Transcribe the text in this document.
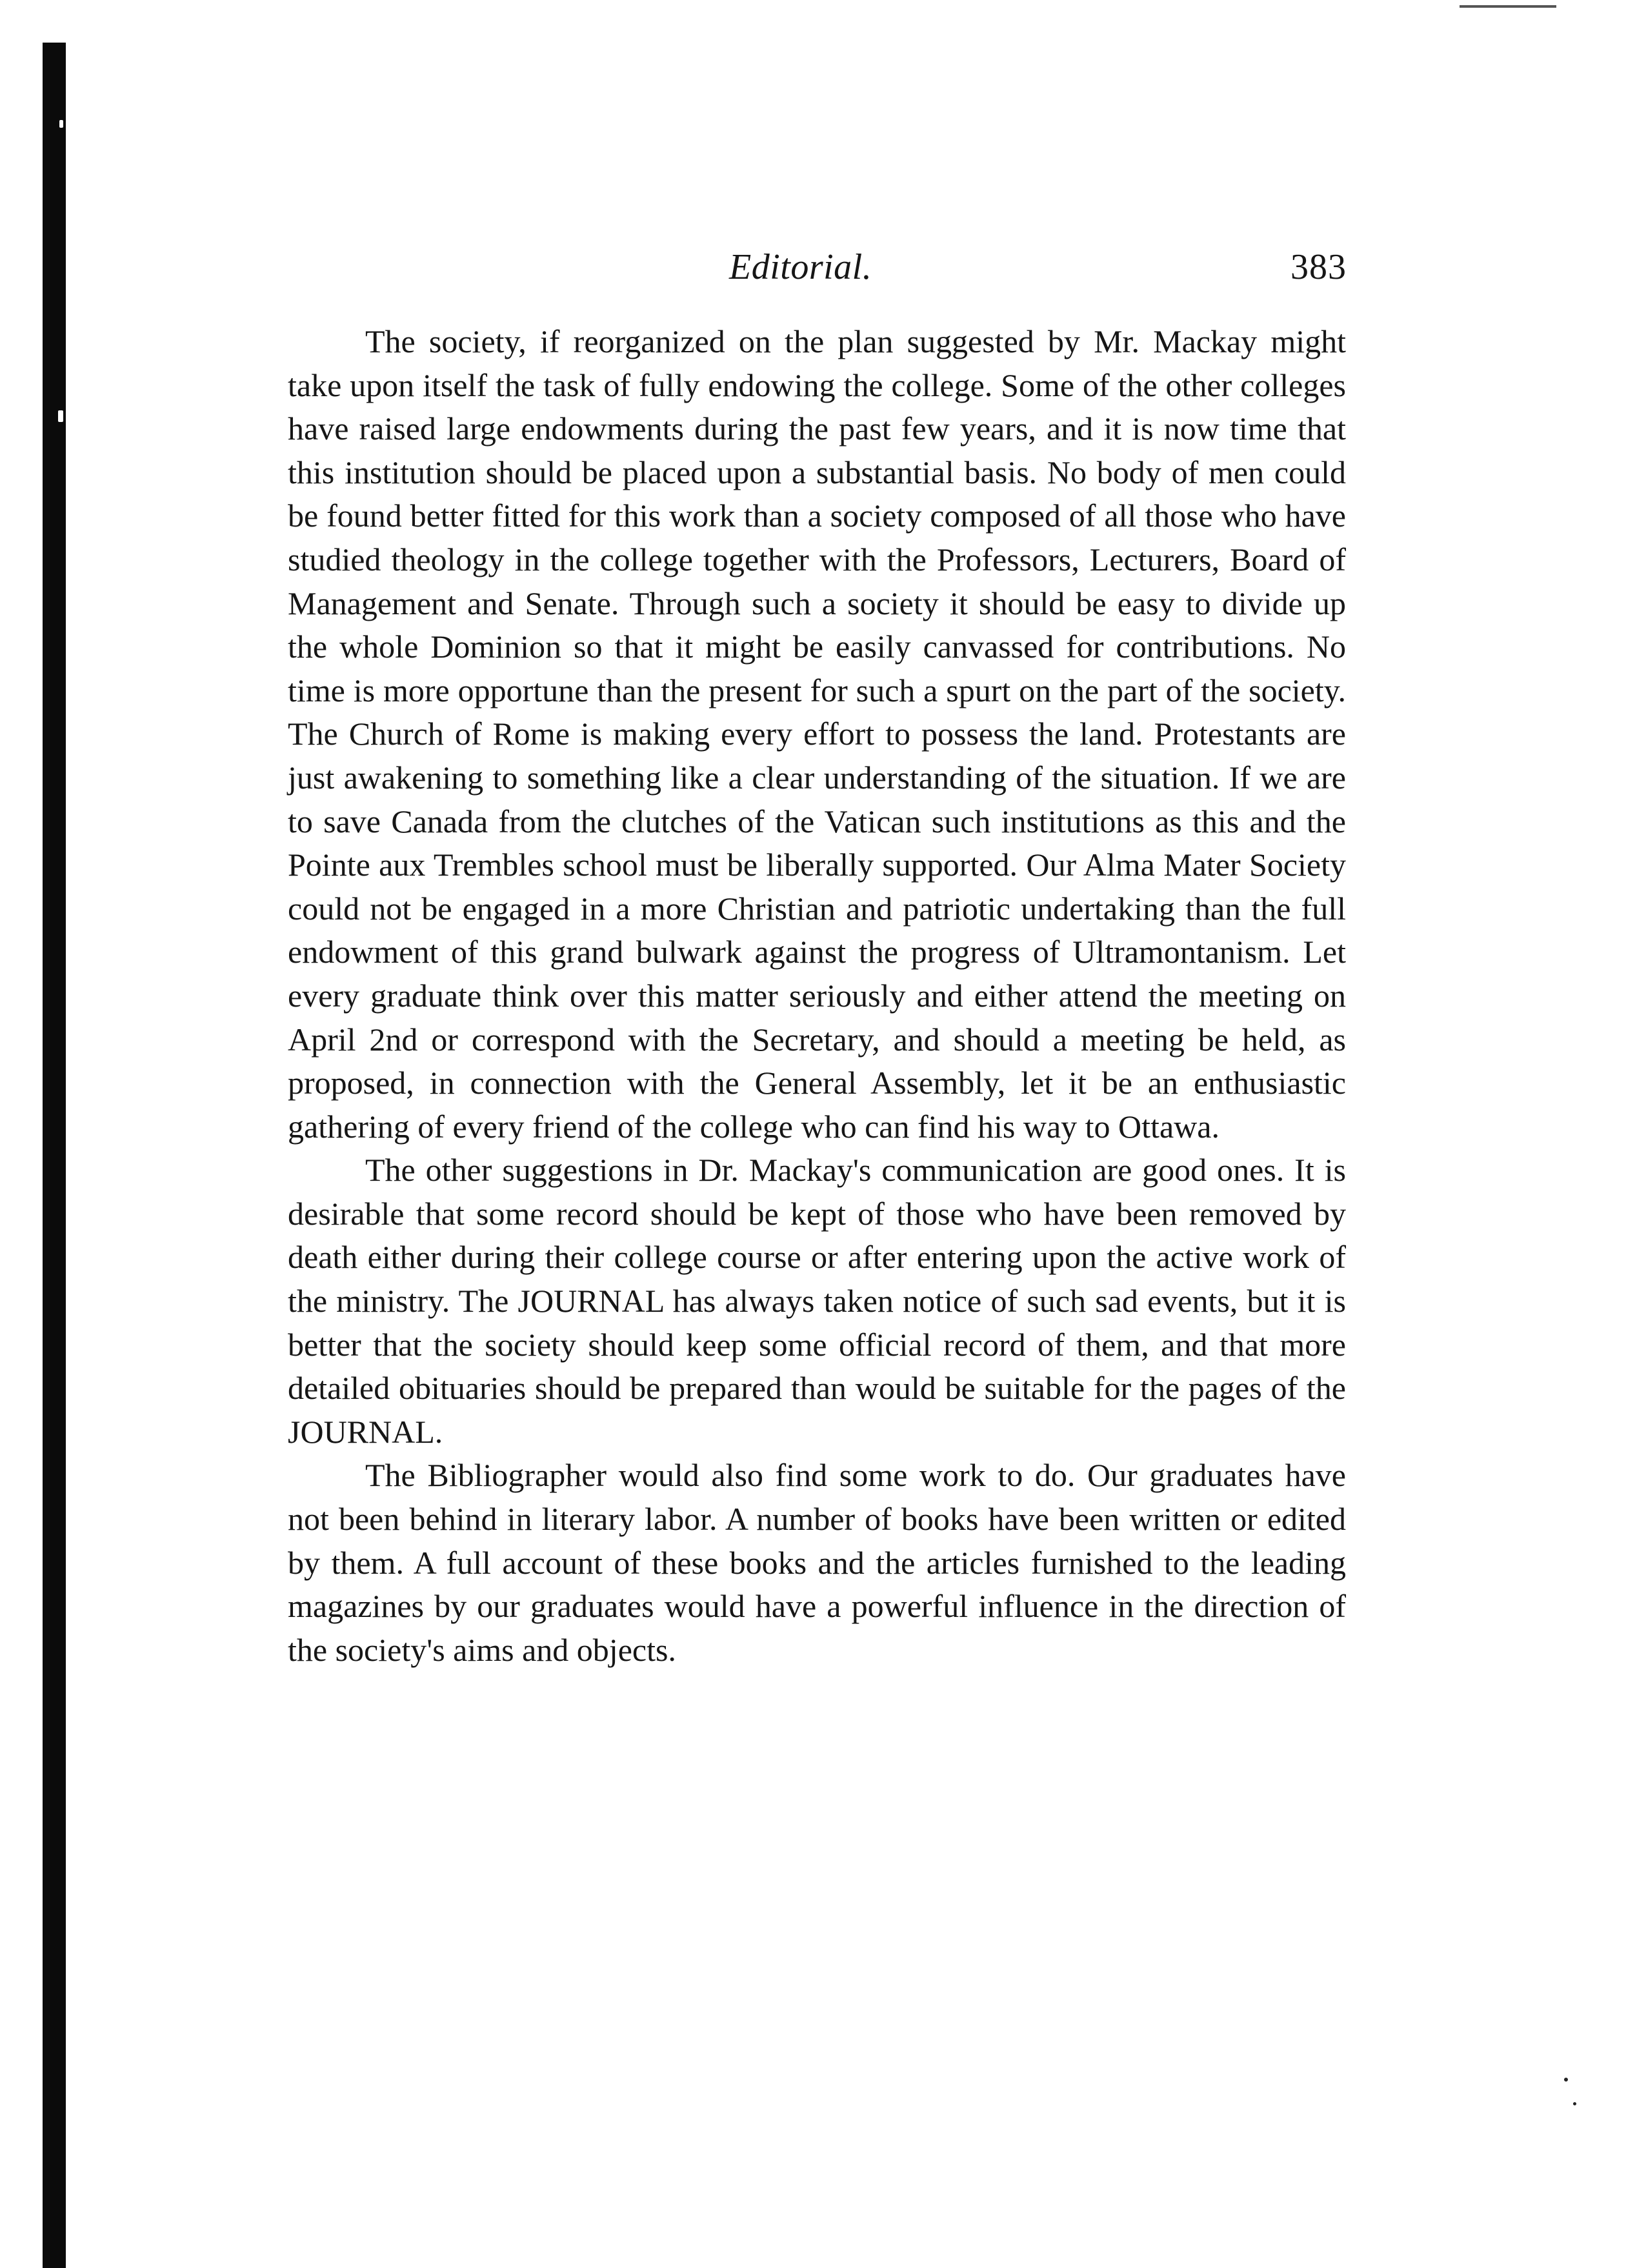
Editorial.	383

The society, if reorganized on the plan suggested by Mr. Mackay might take upon itself the task of fully endowing the college. Some of the other colleges have raised large endowments during the past few years, and it is now time that this institution should be placed upon a substantial basis. No body of men could be found better fitted for this work than a society composed of all those who have studied theology in the college together with the Professors, Lecturers, Board of Management and Senate. Through such a society it should be easy to divide up the whole Dominion so that it might be easily canvassed for contributions. No time is more opportune than the present for such a spurt on the part of the society. The Church of Rome is making every effort to possess the land. Protestants are just awakening to something like a clear understanding of the situation. If we are to save Canada from the clutches of the Vatican such institutions as this and the Pointe aux Trembles school must be liberally supported. Our Alma Mater Society could not be engaged in a more Christian and patriotic undertaking than the full endowment of this grand bulwark against the progress of Ultramontanism. Let every graduate think over this matter seriously and either attend the meeting on April 2nd or correspond with the Secretary, and should a meeting be held, as proposed, in connection with the General Assembly, let it be an enthusiastic gathering of every friend of the college who can find his way to Ottawa.

The other suggestions in Dr. Mackay's communication are good ones. It is desirable that some record should be kept of those who have been removed by death either during their college course or after entering upon the active work of the ministry. The JOURNAL has always taken notice of such sad events, but it is better that the society should keep some official record of them, and that more detailed obituaries should be prepared than would be suitable for the pages of the JOURNAL.

The Bibliographer would also find some work to do. Our graduates have not been behind in literary labor. A number of books have been written or edited by them. A full account of these books and the articles furnished to the leading magazines by our graduates would have a powerful influence in the direction of the society's aims and objects.
